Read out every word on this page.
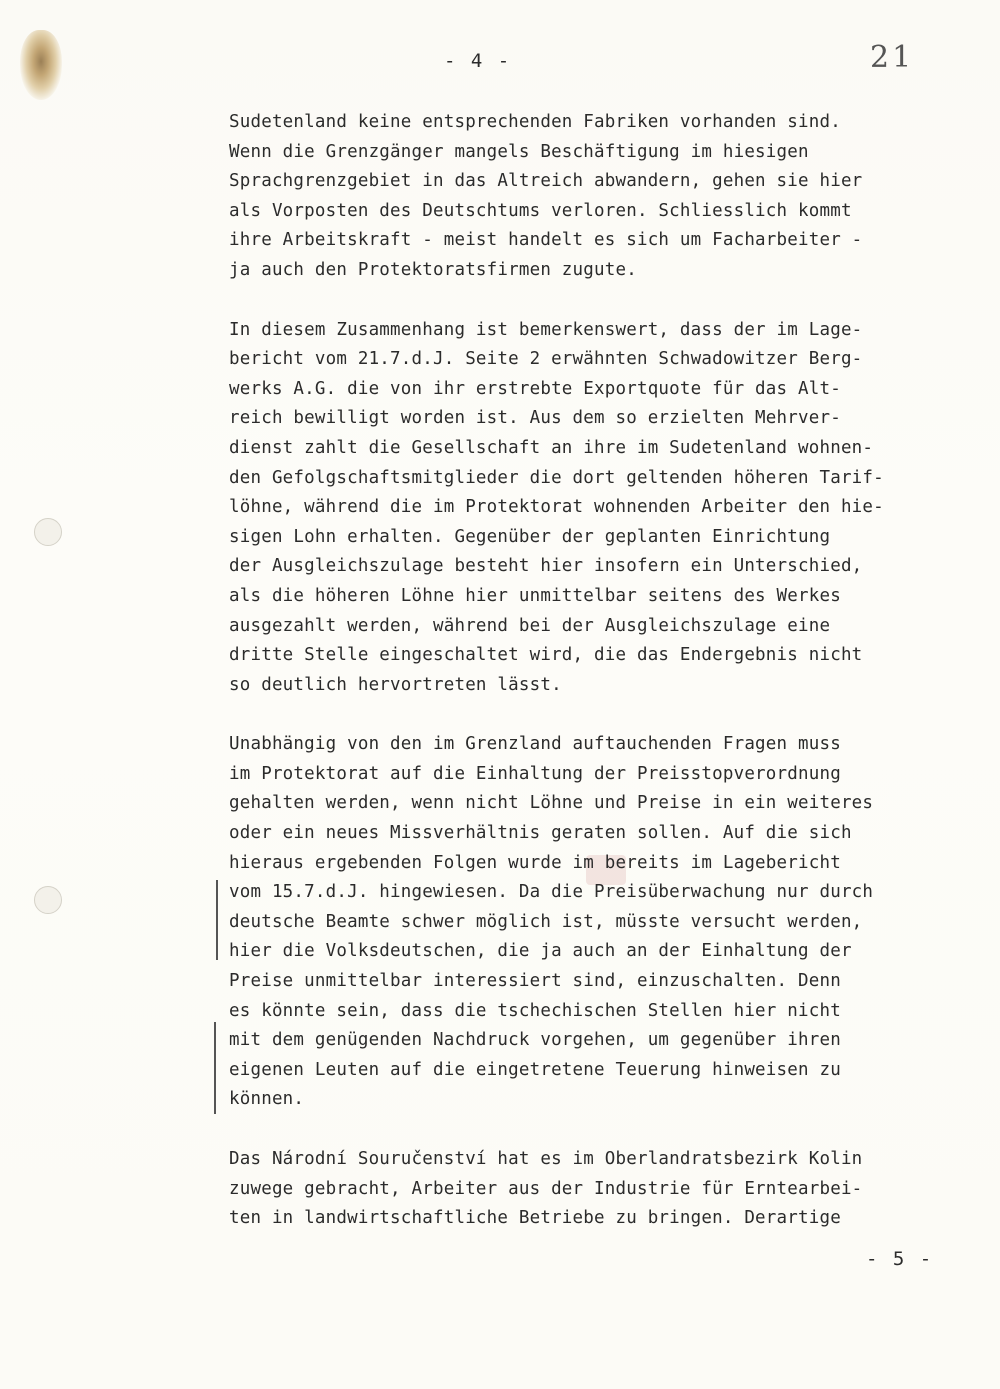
- 4 -	21
Sudetenland keine entsprechenden Fabriken vorhanden sind.
Wenn die Grenzgänger mangels Beschäftigung im hiesigen
Sprachgrenzgebiet in das Altreich abwandern, gehen sie hier
als Vorposten des Deutschtums verloren. Schliesslich kommt
ihre Arbeitskraft - meist handelt es sich um Facharbeiter -
ja auch den Protektoratsfirmen zugute.
In diesem Zusammenhang ist bemerkenswert, dass der im Lage-
bericht vom 21.7.d.J. Seite 2 erwähnten Schwadowitzer Berg-
werks A.G. die von ihr erstrebte Exportquote für das Alt-
reich bewilligt worden ist. Aus dem so erzielten Mehrver-
dienst zahlt die Gesellschaft an ihre im Sudetenland wohnen-
den Gefolgschaftsmitglieder die dort geltenden höheren Tarif-
löhne, während die im Protektorat wohnenden Arbeiter den hie-
sigen Lohn erhalten. Gegenüber der geplanten Einrichtung
der Ausgleichszulage besteht hier insofern ein Unterschied,
als die höheren Löhne hier unmittelbar seitens des Werkes
ausgezahlt werden, während bei der Ausgleichszulage eine
dritte Stelle eingeschaltet wird, die das Endergebnis nicht
so deutlich hervortreten lässt.
Unabhängig von den im Grenzland auftauchenden Fragen muss
im Protektorat auf die Einhaltung der Preisstopverordnung
gehalten werden, wenn nicht Löhne und Preise in ein weiteres
oder ein neues Missverhältnis geraten sollen. Auf die sich
hieraus ergebenden Folgen wurde im bereits im Lagebericht
vom 15.7.d.J. hingewiesen. Da die Preisüberwachung nur durch
deutsche Beamte schwer möglich ist, müsste versucht werden,
hier die Volksdeutschen, die ja auch an der Einhaltung der
Preise unmittelbar interessiert sind, einzuschalten. Denn
es könnte sein, dass die tschechischen Stellen hier nicht
mit dem genügenden Nachdruck vorgehen, um gegenüber ihren
eigenen Leuten auf die eingetretene Teuerung hinweisen zu
können.
Das Národní Souručenství hat es im Oberlandratsbezirk Kolin
zuwege gebracht, Arbeiter aus der Industrie für Erntearbei-
ten in landwirtschaftliche Betriebe zu bringen. Derartige
- 5 -
